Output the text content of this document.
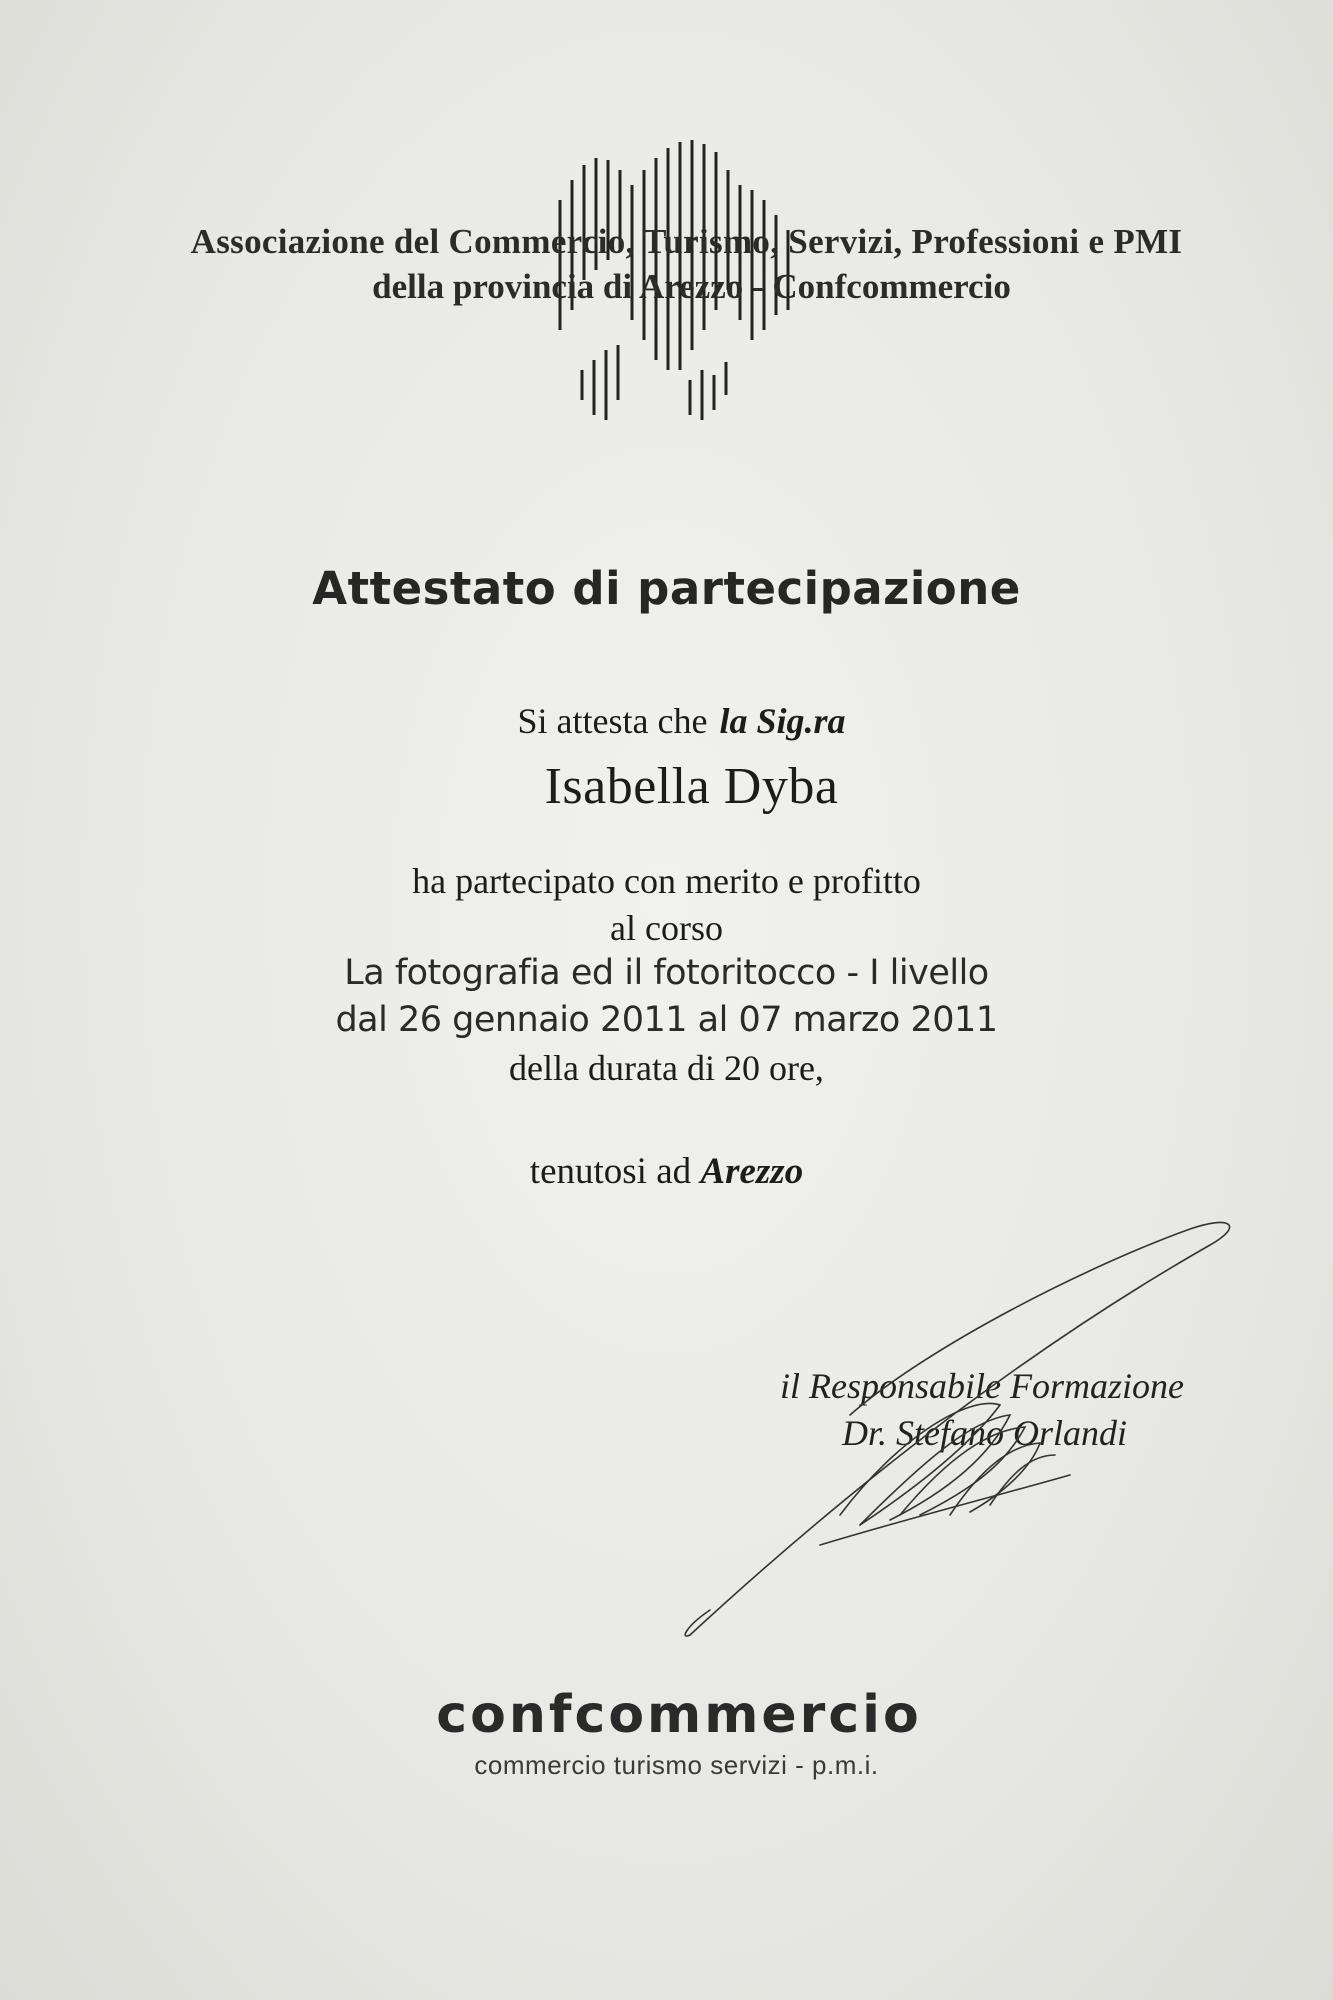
Associazione del Commercio, Turismo, Servizi, Professioni e PMI
della provincia di Arezzo - Confcommercio
Attestato di partecipazione
Si attesta che la Sig.ra
Isabella Dyba
ha partecipato con merito e profitto
al corso
La fotografia ed il fotoritocco - I livello
dal 26 gennaio 2011 al 07 marzo 2011
della durata di 20 ore,
tenutosi ad Arezzo
il Responsabile Formazione
Dr. Stefano Orlandi
confcommercio
commercio turismo servizi - p.m.i.
